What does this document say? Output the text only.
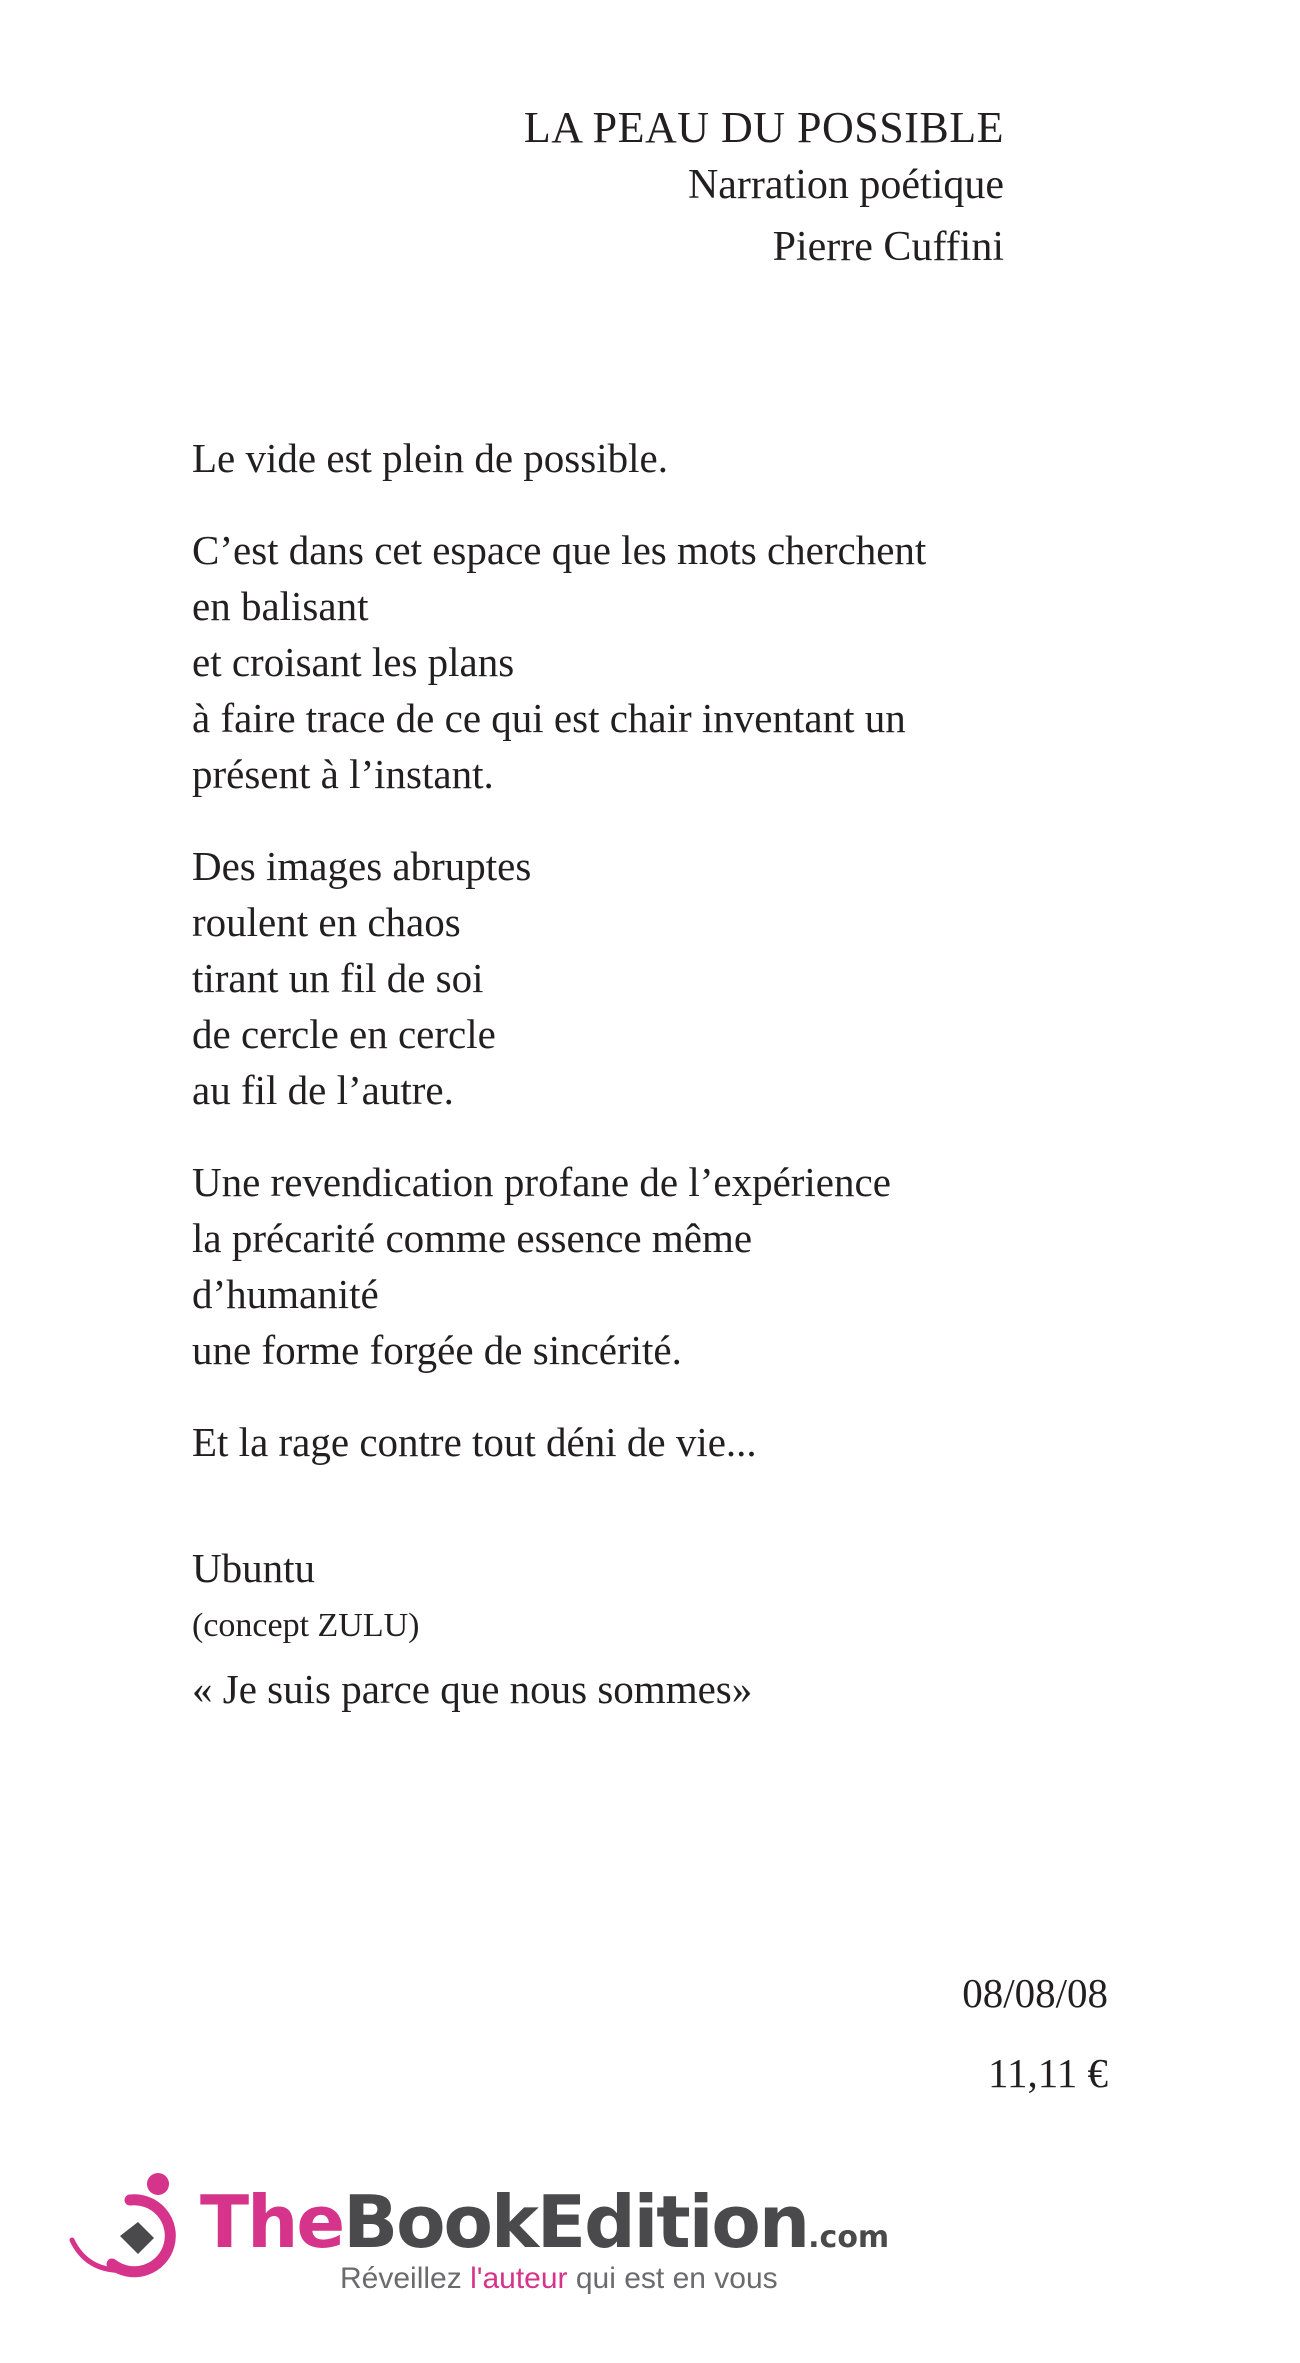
LA PEAU DU POSSIBLE
Narration poétique
Pierre Cuffini

Le vide est plein de possible.

C’est dans cet espace que les mots cherchent
en balisant
et croisant les plans
à faire trace de ce qui est chair inventant un
présent à l’instant.

Des images abruptes
roulent en chaos
tirant un fil de soi
de cercle en cercle
au fil de l’autre.

Une revendication profane de l’expérience
la précarité comme essence même
d’humanité
une forme forgée de sincérité.

Et la rage contre tout déni de vie...

Ubuntu
(concept ZULU)
« Je suis parce que nous sommes»
08/08/08
11,11 €
TheBookEdition.com
Réveillez l'auteur qui est en vous
